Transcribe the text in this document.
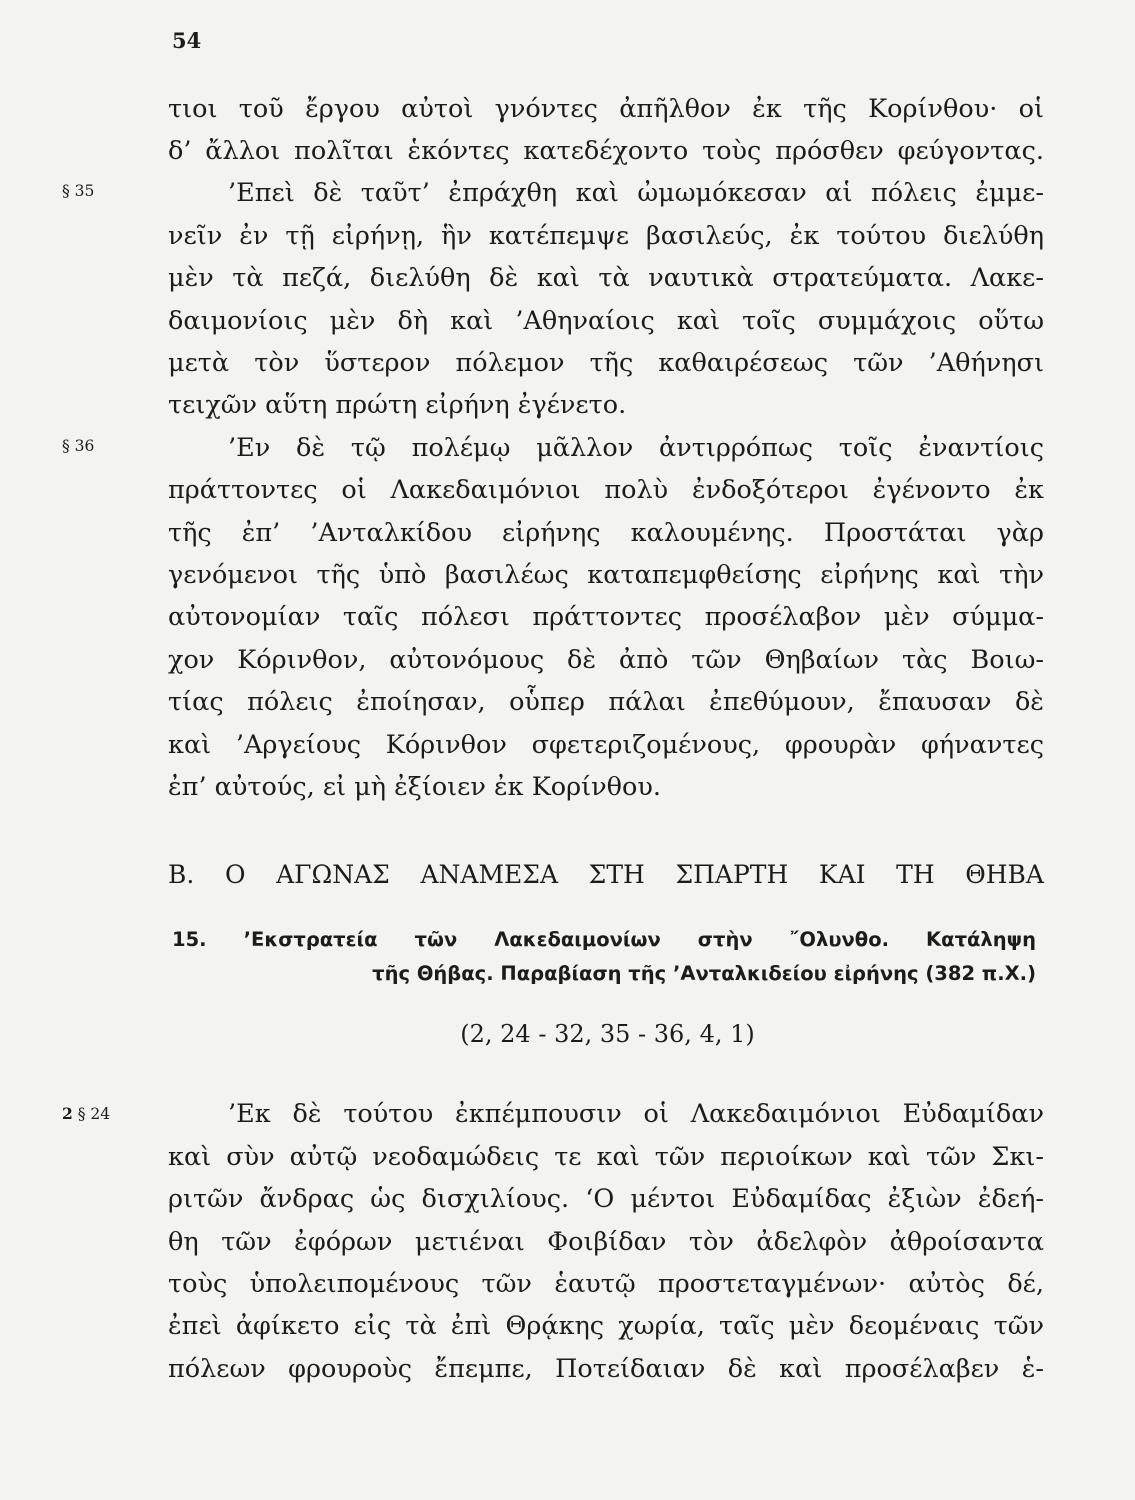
54
§ 35
§ 36
2 § 24
τιοι τοῦ ἔργου αὐτοὶ γνόντες ἀπῆλθον ἐκ τῆς Κορίνθου· οἱ
δ’ ἄλλοι πολῖται ἑκόντες κατεδέχοντο τοὺς πρόσθεν φεύγοντας.
’Επεὶ δὲ ταῦτ’ ἐπράχθη καὶ ὠμωμόκεσαν αἱ πόλεις ἐμμε-
νεῖν ἐν τῇ εἰρήνῃ, ἣν κατέπεμψε βασιλεύς, ἐκ τούτου διελύθη
μὲν τὰ πεζά, διελύθη δὲ καὶ τὰ ναυτικὰ στρατεύματα. Λακε-
δαιμονίοις μὲν δὴ καὶ ’Αθηναίοις καὶ τοῖς συμμάχοις οὕτω
μετὰ τὸν ὕστερον πόλεμον τῆς καθαιρέσεως τῶν ’Αθήνησι
τειχῶν αὕτη πρώτη εἰρήνη ἐγένετο.
’Εν δὲ τῷ πολέμῳ μᾶλλον ἀντιρρόπως τοῖς ἐναντίοις
πράττοντες οἱ Λακεδαιμόνιοι πολὺ ἐνδοξότεροι ἐγένοντο ἐκ
τῆς ἐπ’ ’Ανταλκίδου εἰρήνης καλουμένης. Προστάται γὰρ
γενόμενοι τῆς ὑπὸ βασιλέως καταπεμφθείσης εἰρήνης καὶ τὴν
αὐτονομίαν ταῖς πόλεσι πράττοντες προσέλαβον μὲν σύμμα-
χον Κόρινθον, αὐτονόμους δὲ ἀπὸ τῶν Θηβαίων τὰς Βοιω-
τίας πόλεις ἐποίησαν, οὗπερ πάλαι ἐπεθύμουν, ἔπαυσαν δὲ
καὶ ’Αργείους Κόρινθον σφετεριζομένους, φρουρὰν φήναντες
ἐπ’ αὐτούς, εἰ μὴ ἐξίοιεν ἐκ Κορίνθου.
B. Ο ΑΓΩΝΑΣ ΑΝΑΜΕΣΑ ΣΤΗ ΣΠΑΡΤΗ ΚΑΙ ΤΗ ΘΗΒΑ
15. ’Εκστρατεία τῶν Λακεδαιμονίων στὴν ῎Ολυνθο. Κατάληψη
τῆς Θήβας. Παραβίαση τῆς ’Ανταλκιδείου εἰρήνης (382 π.Χ.)
(2, 24 - 32, 35 - 36, 4, 1)
’Εκ δὲ τούτου ἐκπέμπουσιν οἱ Λακεδαιμόνιοι Εὐδαμίδαν
καὶ σὺν αὐτῷ νεοδαμώδεις τε καὶ τῶν περιοίκων καὶ τῶν Σκι-
ριτῶν ἄνδρας ὡς δισχιλίους. ‘Ο μέντοι Εὐδαμίδας ἐξιὼν ἐδεή-
θη τῶν ἐφόρων μετιέναι Φοιβίδαν τὸν ἀδελφὸν ἀθροίσαντα
τοὺς ὑπολειπομένους τῶν ἑαυτῷ προστεταγμένων· αὐτὸς δέ,
ἐπεὶ ἀφίκετο εἰς τὰ ἐπὶ Θρᾴκης χωρία, ταῖς μὲν δεομέναις τῶν
πόλεων φρουροὺς ἔπεμπε, Ποτείδαιαν δὲ καὶ προσέλαβεν ἑ-
